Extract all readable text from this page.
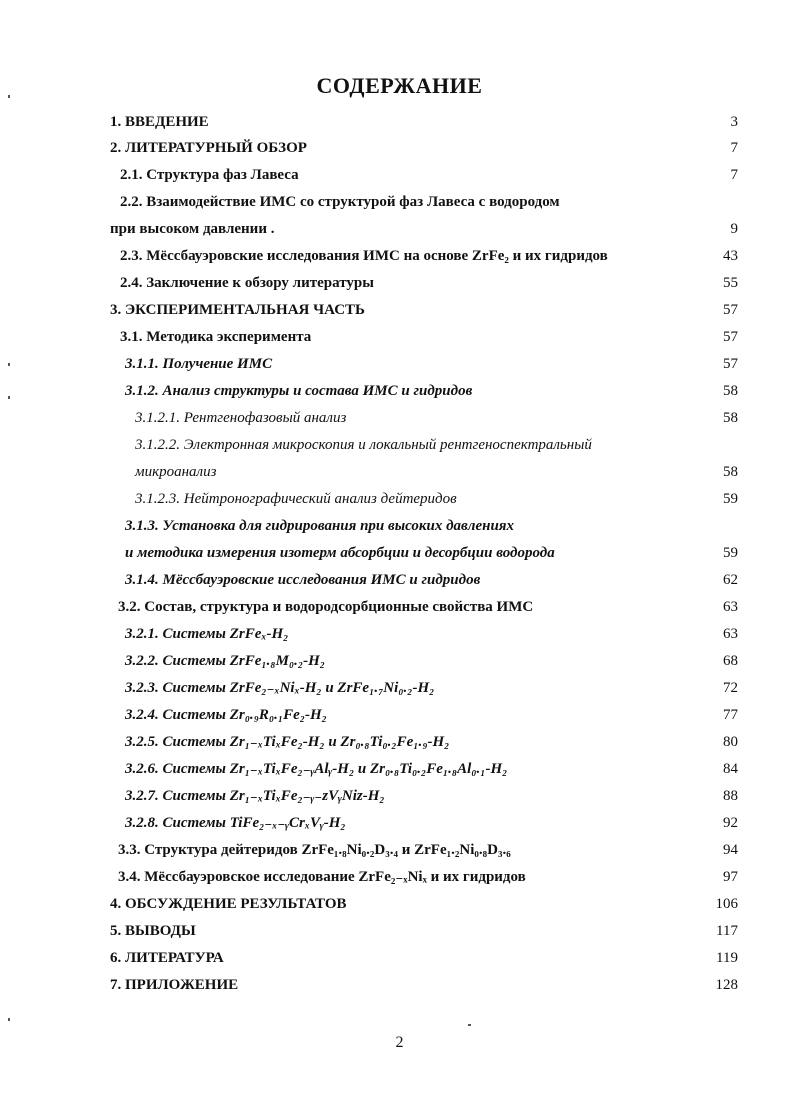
СОДЕРЖАНИЕ
1. ВВЕДЕНИЕ	3
2. ЛИТЕРАТУРНЫЙ ОБЗОР	7
2.1. Структура фаз Лавеса	7
2.2. Взаимодействие ИМС со структурой фаз Лавеса с водородом
при высоком давлении .	9
2.3. Мёссбауэровские исследования ИМС на основе ZrFe₂ и их гидридов	43
2.4. Заключение к обзору литературы	55
3. ЭКСПЕРИМЕНТАЛЬНАЯ ЧАСТЬ	57
3.1. Методика эксперимента	57
3.1.1. Получение ИМС	57
3.1.2. Анализ структуры и состава ИМС и гидридов	58
3.1.2.1. Рентгенофазовый анализ	58
3.1.2.2. Электронная микроскопия и локальный рентгеноспектральный
микроанализ	58
3.1.2.3. Нейтронографический анализ дейтеридов	59
3.1.3. Установка для гидрирования при высоких давлениях
и методика измерения изотерм абсорбции и десорбции водорода	59
3.1.4. Мёссбауэровские исследования ИМС и гидридов	62
3.2. Состав, структура и водородсорбционные свойства ИМС	63
3.2.1. Системы ZrFeₓ-H₂	63
3.2.2. Системы ZrFe₁.₈M₀.₂-H₂	68
3.2.3. Системы ZrFe₂₋ₓNiₓ-H₂ и ZrFe₁.₇Ni₀.₂-H₂	72
3.2.4. Системы Zr₀.₉R₀.₁Fe₂-H₂	77
3.2.5. Системы Zr₁₋ₓTiₓFe₂-H₂ и Zr₀.₈Ti₀.₂Fe₁.₉-H₂	80
3.2.6. Системы Zr₁₋ₓTiₓFe₂₋ᵧAlᵧ-H₂ и Zr₀.₈Ti₀.₂Fe₁.₈Al₀.₁-H₂	84
3.2.7. Системы Zr₁₋ₓTiₓFe₂₋ᵧ₋zVᵧNiz-H₂	88
3.2.8. Системы TiFe₂₋ₓ₋ᵧCrₓVᵧ-H₂	92
3.3. Структура дейтеридов ZrFe₁.₈Ni₀.₂D₃.₄ и ZrFe₁.₂Ni₀.₈D₃.₆	94
3.4. Мёссбауэровское исследование ZrFe₂₋ₓNiₓ и их гидридов	97
4. ОБСУЖДЕНИЕ РЕЗУЛЬТАТОВ	106
5. ВЫВОДЫ	117
6. ЛИТЕРАТУРА	119
7. ПРИЛОЖЕНИЕ	128
2
